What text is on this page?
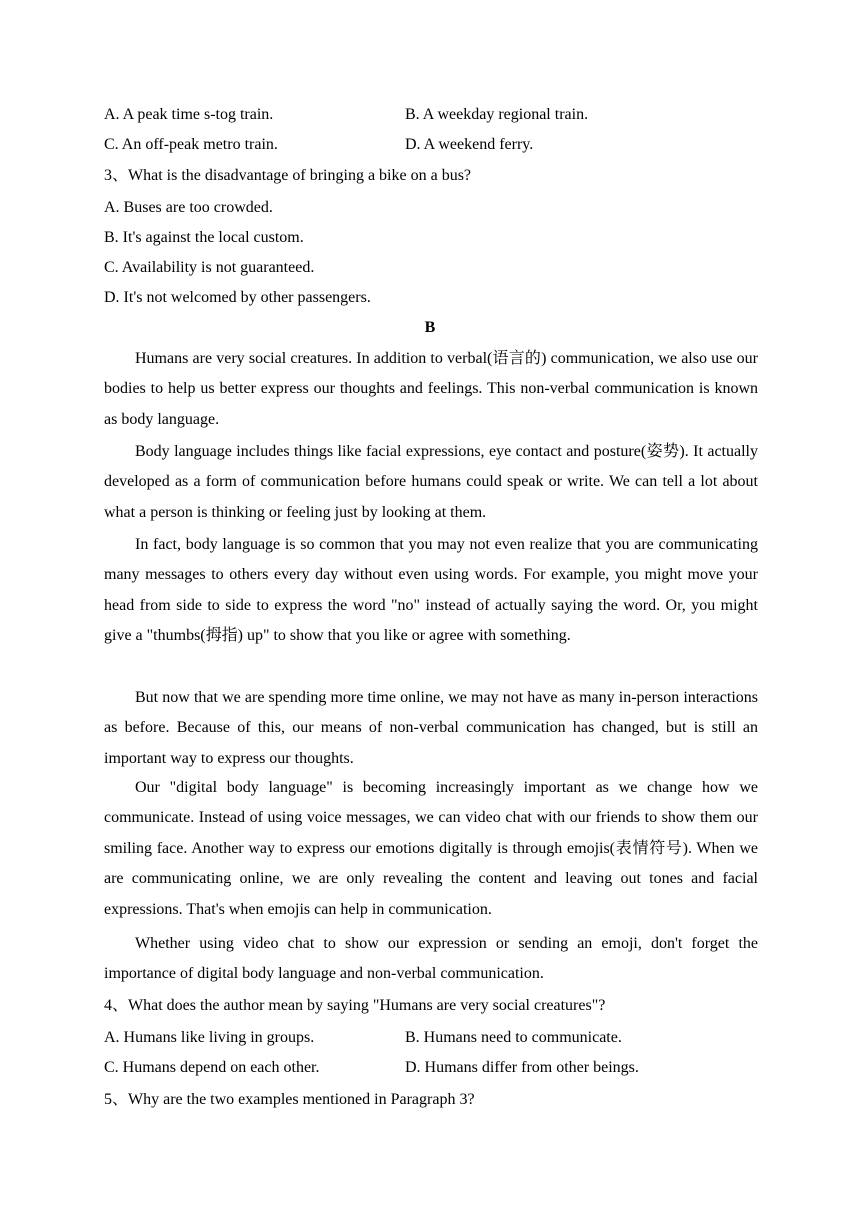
A. A peak time s-tog train.	B. A weekday regional train.
C. An off-peak metro train.	D. A weekend ferry.
3、What is the disadvantage of bringing a bike on a bus?
A. Buses are too crowded.
B. It's against the local custom.
C. Availability is not guaranteed.
D. It's not welcomed by other passengers.
B
Humans are very social creatures. In addition to verbal(语言的) communication, we also use our bodies to help us better express our thoughts and feelings. This non-verbal communication is known as body language.
Body language includes things like facial expressions, eye contact and posture(姿势). It actually developed as a form of communication before humans could speak or write. We can tell a lot about what a person is thinking or feeling just by looking at them.
In fact, body language is so common that you may not even realize that you are communicating many messages to others every day without even using words. For example, you might move your head from side to side to express the word "no" instead of actually saying the word. Or, you might give a "thumbs(拇指) up" to show that you like or agree with something.
But now that we are spending more time online, we may not have as many in-person interactions as before. Because of this, our means of non-verbal communication has changed, but is still an important way to express our thoughts.
Our "digital body language" is becoming increasingly important as we change how we communicate. Instead of using voice messages, we can video chat with our friends to show them our smiling face. Another way to express our emotions digitally is through emojis(表情符号). When we are communicating online, we are only revealing the content and leaving out tones and facial expressions. That's when emojis can help in communication.
Whether using video chat to show our expression or sending an emoji, don't forget the importance of digital body language and non-verbal communication.
4、What does the author mean by saying "Humans are very social creatures"?
A. Humans like living in groups.	B. Humans need to communicate.
C. Humans depend on each other.	D. Humans differ from other beings.
5、Why are the two examples mentioned in Paragraph 3?
